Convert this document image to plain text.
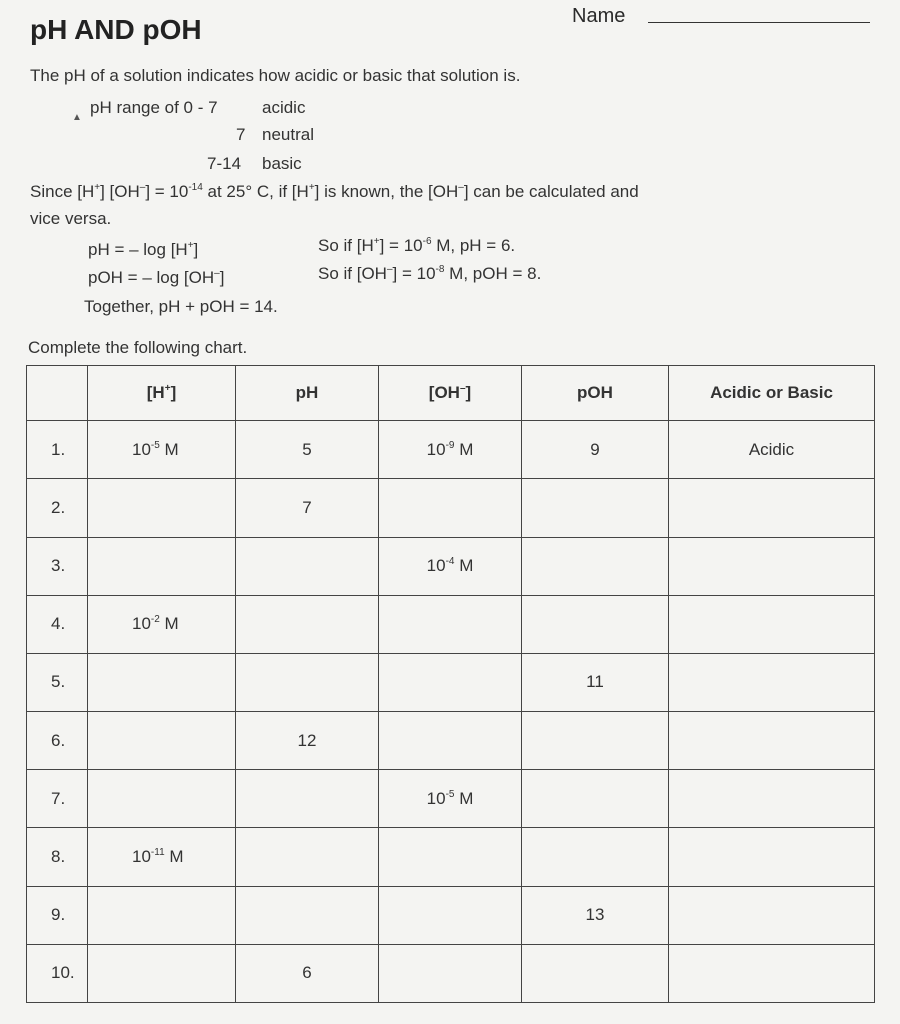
pH AND pOH	Name
The pH of a solution indicates how acidic or basic that solution is.
▲
pH range of 0 - 7	acidic
7 neutral
7-14 basic
Since [H+] $[OH^-] = 10^{-14}$ at 25° C, if [H+] is known, the [OH–] can be calculated and
vice versa.
pH = – log [H+]	So if $[H^+] = 10^{-6}$ M, pH = 6.
pOH = – log [OH–]	So if $[OH^-] = 10^{-8}$ M, pOH = 8.
Together, pH + pOH = 14.
Complete the following chart.
	[H+]	pH	[OH–]	pOH	Acidic or Basic
1.	$10^{-5}$ M	5	$10^{-9}$ M	9	Acidic
2.		7			
3.			$10^{-4}$ M		
4.	$10^{-2}$ M				
5.				11	
6.		12			
7.			$10^{-5}$ M		
8.	$10^{-11}$ M				
9.				13	
10.		6			
